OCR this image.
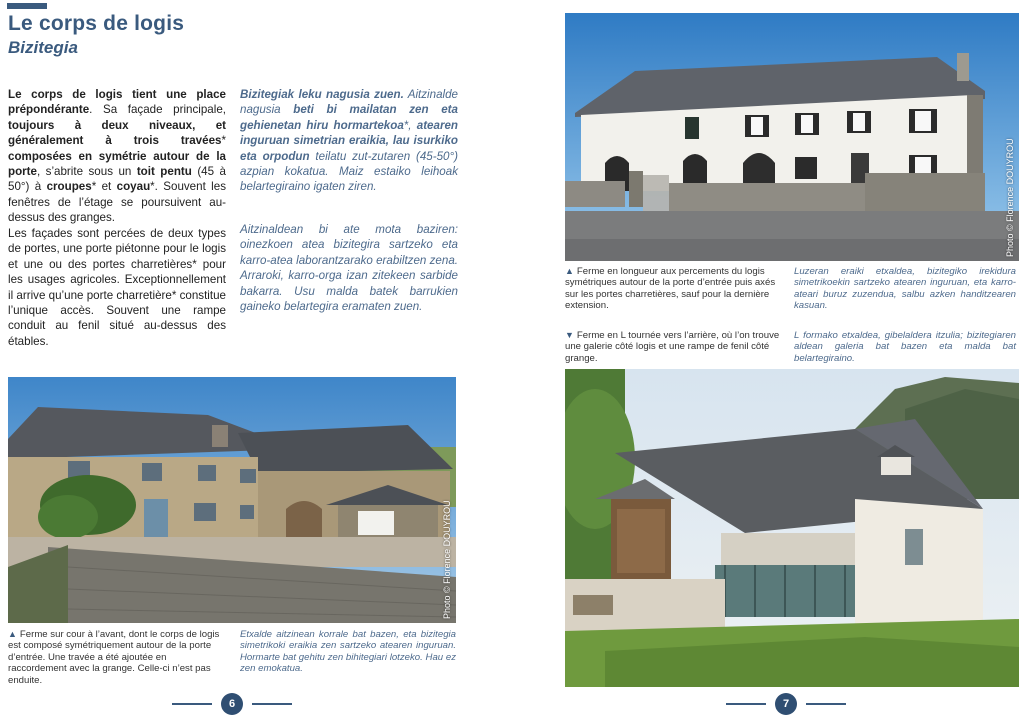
Le corps de logis
Bizitegia
Le corps de logis tient une place prépondérante. Sa façade principale, toujours à deux niveaux, et généralement à trois travées* composées en symétrie autour de la porte, s’abrite sous un toit pentu (45 à 50°) à croupes* et coyau*. Souvent les fenêtres de l’étage se poursuivent au-dessus des granges.
Les façades sont percées de deux types de portes, une porte piétonne pour le logis et une ou des portes charretières* pour les usages agricoles. Exceptionnellement il arrive qu’une porte charretière* constitue l’unique accès. Souvent une rampe conduit au fenil situé au-dessus des étables.
Bizitegiak leku nagusia zuen. Aitzinalde nagusia beti bi mailatan zen eta gehienetan hiru hormartekoa*, atearen inguruan simetrian eraikia, lau isurkiko eta orpodun teilatu zut-zutaren (45-50°) azpian kokatua. Maiz estaiko leihoak belartegiraino igaten ziren.
Aitzinaldean bi ate mota baziren: oinezkoen atea bizitegira sartzeko eta karro-atea laborantzarako erabiltzen zena. Arraroki, karro-orga izan zitekeen sarbide bakarra. Usu malda batek barrukien gaineko belartegira eramaten zuen.
Photo © Florence DOUYROU
▲ Ferme sur cour à l’avant, dont le corps de logis est composé symétriquement autour de la porte d’entrée. Une travée a été ajoutée en raccordement avec la grange. Celle-ci n’est pas enduite.
Etxalde aitzinean korrale bat bazen, eta bizitegia simetrikoki eraikia zen sartzeko atearen inguruan. Hormarte bat gehitu zen bihitegiari lotzeko. Hau ez zen emokatua.
6
Photo © Florence DOUYROU
▲ Ferme en longueur aux percements du logis symétriques autour de la porte d’entrée puis axés sur les portes charretières, sauf pour la dernière extension.
Luzeran eraiki etxaldea, bizitegiko irekidura simetrikoekin sartzeko atearen inguruan, eta karro-ateari buruz zuzendua, salbu azken handitzearen kasuan.
▼ Ferme en L tournée vers l’arrière, où l’on trouve une galerie côté logis et une rampe de fenil côté grange.
L formako etxaldea, gibelaldera itzulia; bizitegiaren aldean galeria bat bazen eta malda bat belartegiraino.
7
